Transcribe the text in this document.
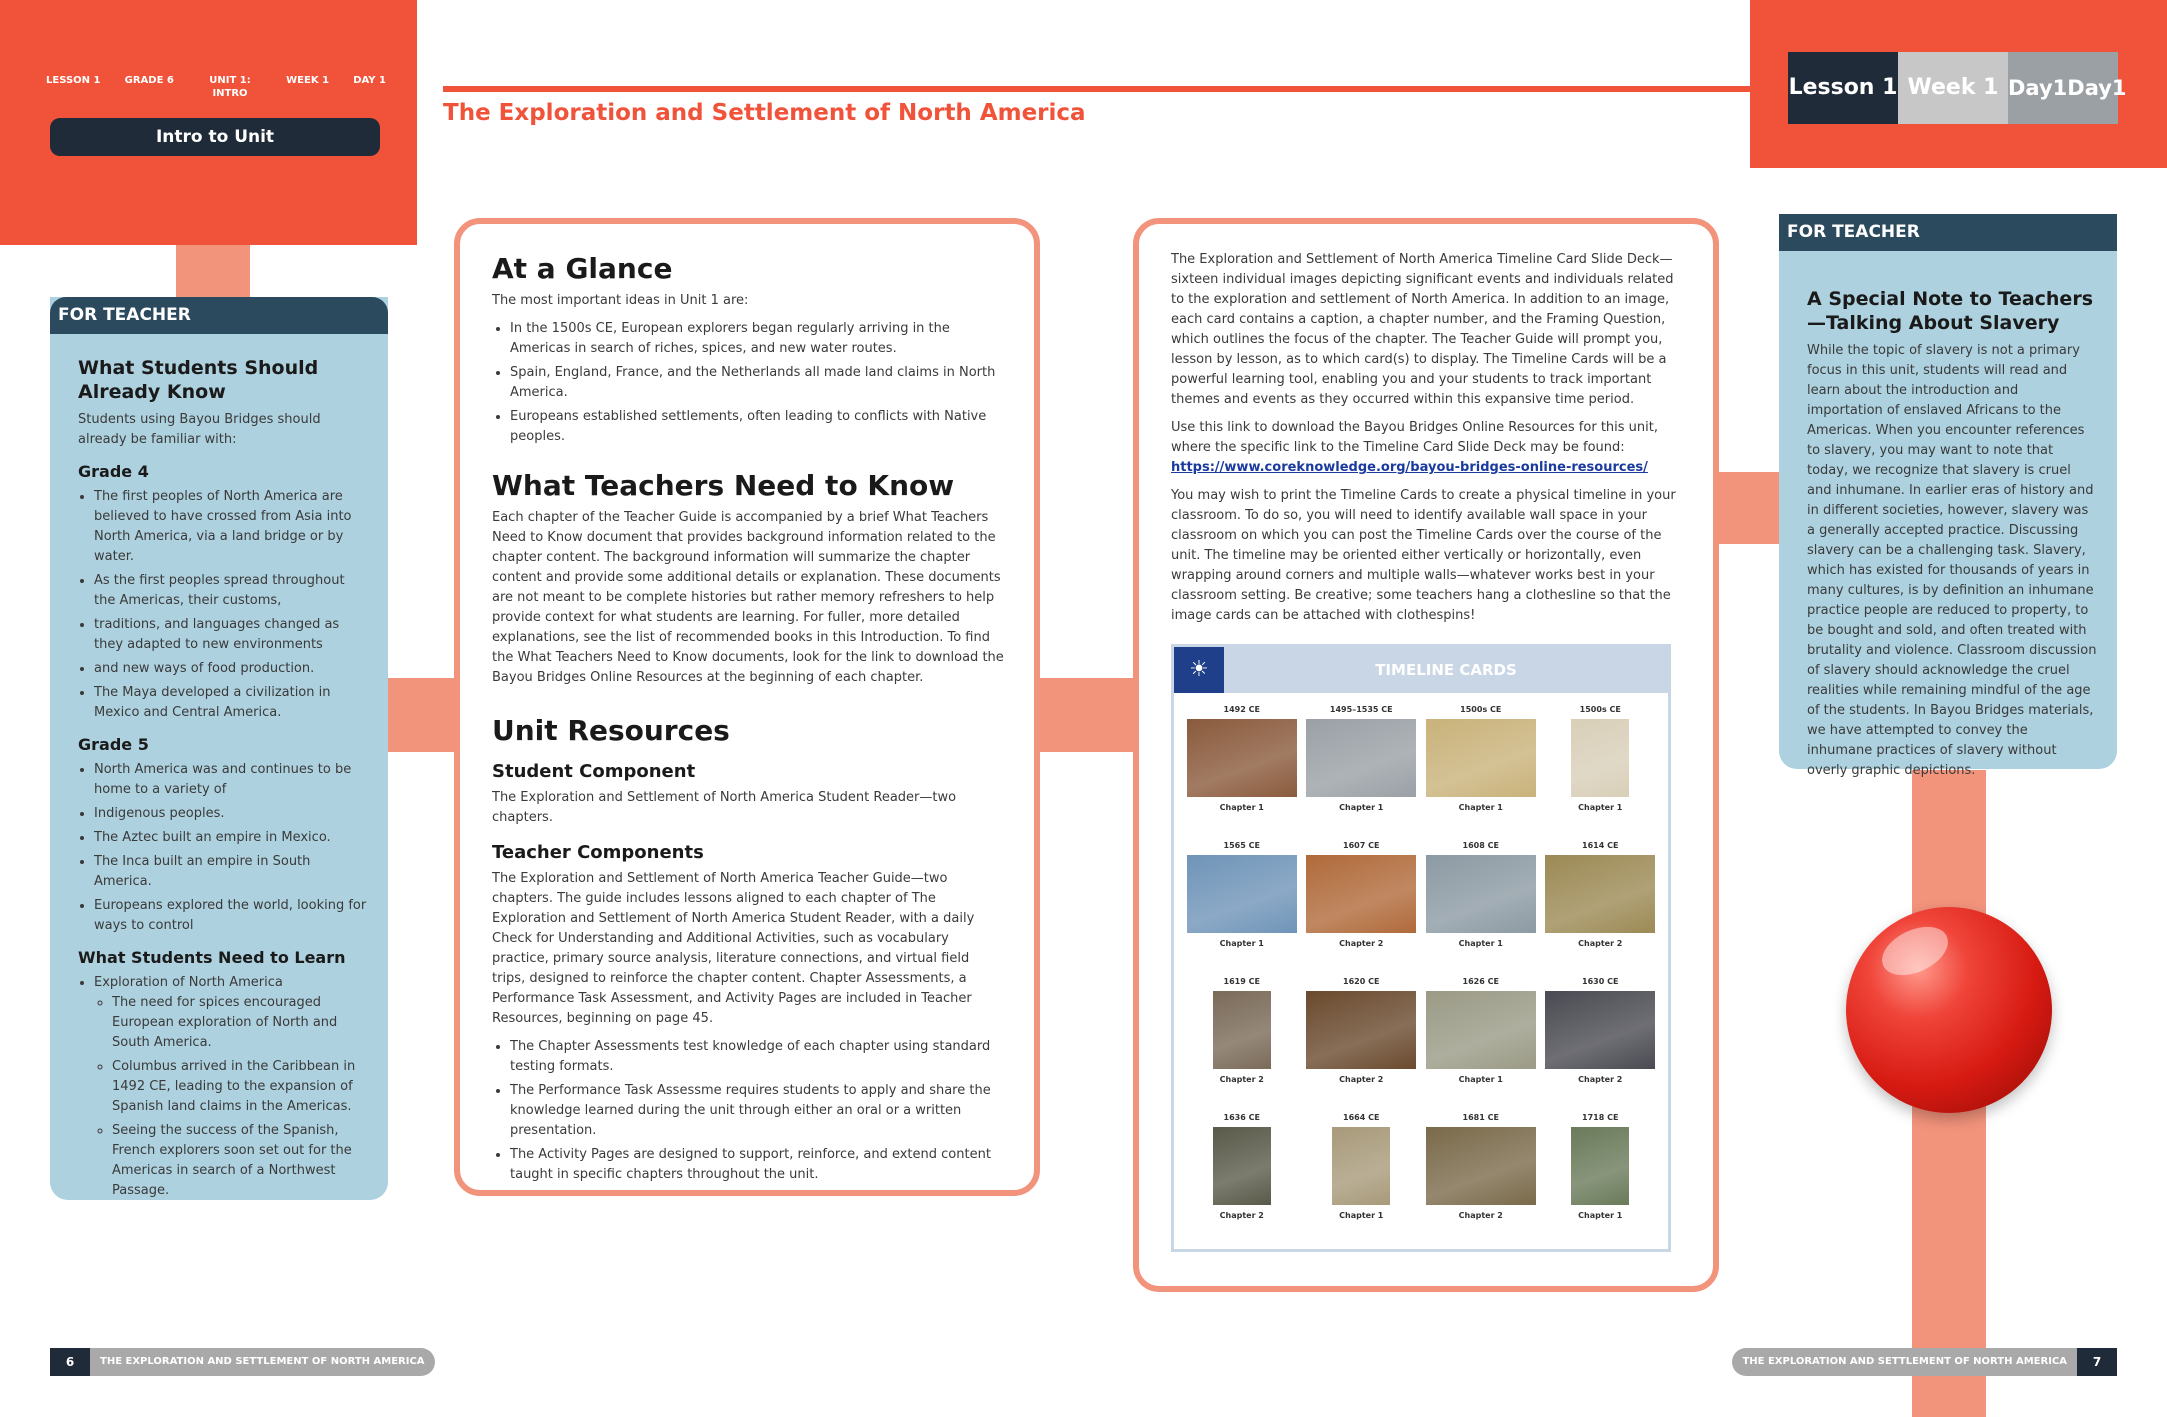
LESSON 1 GRADE 6	UNIT 1: INTRO
WEEK 1 DAY 1
Intro to Unit
The Exploration and Settlement of North America
Lesson 1 Week 1 Day1Day1
FOR TEACHER
What Students Should Already Know

Students using Bayou Bridges should already be familiar with:

Grade 4
• The first peoples of North America are believed to have crossed from Asia into North America, via a land bridge or by water.
• As the first peoples spread throughout the Americas, their customs,
• traditions, and languages changed as they adapted to new environments
• and new ways of food production.
• The Maya developed a civilization in Mexico and Central America.
Grade 5
• North America was and continues to be home to a variety of
• Indigenous peoples.
• The Aztec built an empire in Mexico.
• The Inca built an empire in South America.
• Europeans explored the world, looking for ways to control
What Students Need to Learn
• Exploration of North America
◦ The need for spices encouraged European exploration of North and South America.
◦ Columbus arrived in the Caribbean in 1492 CE, leading to the expansion of Spanish land claims in the Americas.
◦ Seeing the success of the Spanish, French explorers soon set out for the Americas in search of a Northwest Passage.
At a Glance

The most important ideas in Unit 1 are:

• In the 1500s CE, European explorers began regularly arriving in the Americas in search of riches, spices, and new water routes.
• Spain, England, France, and the Netherlands all made land claims in North America.
• Europeans established settlements, often leading to conflicts with Native peoples.
What Teachers Need to Know

Each chapter of the Teacher Guide is accompanied by a brief What Teachers Need to Know document that provides background information related to the chapter content. The background information will summarize the chapter content and provide some additional details or explanation. These documents are not meant to be complete histories but rather memory refreshers to help provide context for what students are learning. For fuller, more detailed explanations, see the list of recommended books in this Introduction. To find the What Teachers Need to Know documents, look for the link to download the Bayou Bridges Online Resources at the beginning of each chapter.

Unit Resources
Student Component

The Exploration and Settlement of North America Student Reader—two chapters.

Teacher Components

The Exploration and Settlement of North America Teacher Guide—two chapters. The guide includes lessons aligned to each chapter of The Exploration and Settlement of North America Student Reader, with a daily Check for Understanding and Additional Activities, such as vocabulary practice, primary source analysis, literature connections, and virtual field trips, designed to reinforce the chapter content. Chapter Assessments, a Performance Task Assessment, and Activity Pages are included in Teacher Resources, beginning on page 45.

• The Chapter Assessments test knowledge of each chapter using standard testing formats.
• The Performance Task Assessme requires students to apply and share the knowledge learned during the unit through either an oral or a written presentation.
• The Activity Pages are designed to support, reinforce, and extend content taught in specific chapters throughout the unit.

The Exploration and Settlement of North America Timeline Card Slide Deck—sixteen individual images depicting significant events and individuals related to the exploration and settlement of North America. In addition to an image, each card contains a caption, a chapter number, and the Framing Question, which outlines the focus of the chapter. The Teacher Guide will prompt you, lesson by lesson, as to which card(s) to display. The Timeline Cards will be a powerful learning tool, enabling you and your students to track important themes and events as they occurred within this expansive time period.

Use this link to download the Bayou Bridges Online Resources for this unit, where the specific link to the Timeline Card Slide Deck may be found: https://www.coreknowledge.org/bayou-bridges-online-resources/

You may wish to print the Timeline Cards to create a physical timeline in your classroom. To do so, you will need to identify available wall space in your classroom on which you can post the Timeline Cards over the course of the unit. The timeline may be oriented either vertically or horizontally, even wrapping around corners and multiple walls—whatever works best in your classroom setting. Be creative; some teachers hang a clothesline so that the image cards can be attached with clothespins!

☀	TIMELINE CARDS
1492 CE
Chapter 1
1495–1535 CE
Chapter 1
1500s CE
Chapter 1
1500s CE
Chapter 1
1565 CE
Chapter 1
1607 CE
Chapter 2
1608 CE
Chapter 1
1614 CE
Chapter 2
1619 CE
Chapter 2
1620 CE
Chapter 2
1626 CE
Chapter 1
1630 CE
Chapter 2
1636 CE
Chapter 2
1664 CE
Chapter 1
1681 CE
Chapter 2
1718 CE
Chapter 1
FOR TEACHER
A Special Note to Teachers—Talking About Slavery

While the topic of slavery is not a primary focus in this unit, students will read and learn about the introduction and importation of enslaved Africans to the Americas. When you encounter references to slavery, you may want to note that today, we recognize that slavery is cruel and inhumane. In earlier eras of history and in different societies, however, slavery was a generally accepted practice. Discussing slavery can be a challenging task. Slavery, which has existed for thousands of years in many cultures, is by definition an inhumane practice people are reduced to property, to be bought and sold, and often treated with brutality and violence. Classroom discussion of slavery should acknowledge the cruel realities while remaining mindful of the age of the students. In Bayou Bridges materials, we have attempted to convey the inhumane practices of slavery without overly graphic depictions.

6	THE EXPLORATION AND SETTLEMENT OF NORTH AMERICA	THE EXPLORATION AND SETTLEMENT OF NORTH AMERICA	7
